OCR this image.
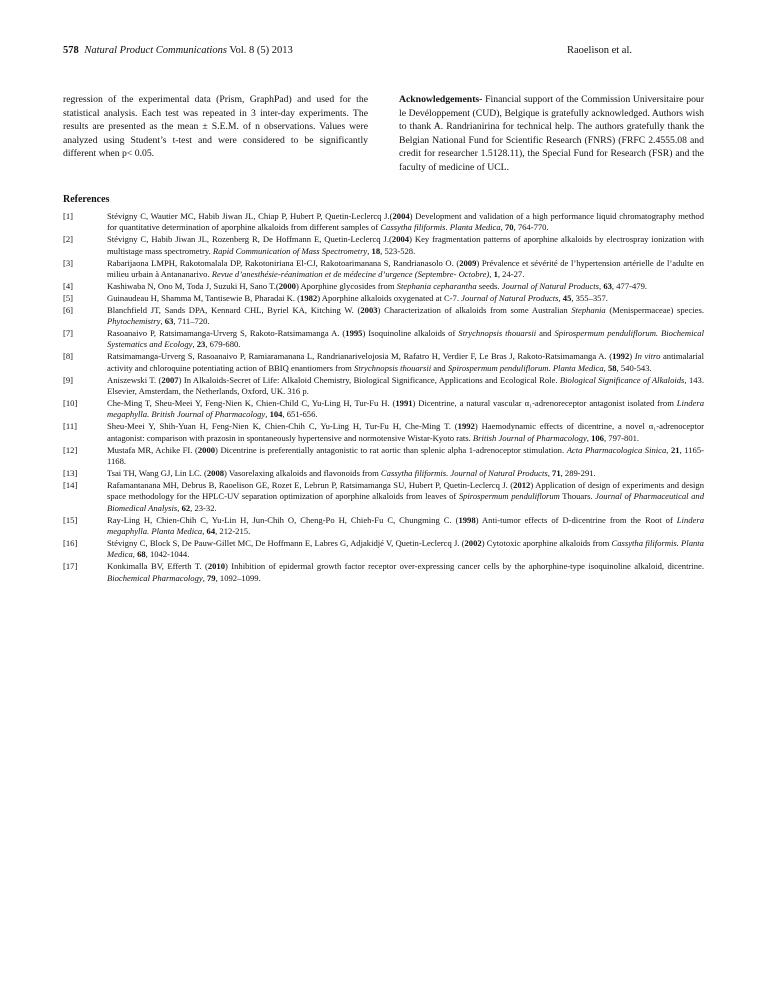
578 Natural Product Communications Vol. 8 (5) 2013	Raoelison et al.
regression of the experimental data (Prism, GraphPad) and used for the statistical analysis. Each test was repeated in 3 inter-day experiments. The results are presented as the mean ± S.E.M. of n observations. Values were analyzed using Student’s t-test and were considered to be significantly different when p< 0.05.
Acknowledgements- Financial support of the Commission Universitaire pour le Devéloppement (CUD), Belgique is gratefully acknowledged. Authors wish to thank A. Randrianirina for technical help. The authors gratefully thank the Belgian National Fund for Scientific Research (FNRS) (FRFC 2.4555.08 and credit for researcher 1.5128.11), the Special Fund for Research (FSR) and the faculty of medicine of UCL.
References
[1]	Stévigny C, Wautier MC, Habib Jiwan JL, Chiap P, Hubert P, Quetin-Leclercq J.(2004) Development and validation of a high performance liquid chromatography method for quantitative determination of aporphine alkaloids from different samples of Cassytha filiformis. Planta Medica, 70, 764-770.
[2]	Stévigny C, Habib Jiwan JL, Rozenberg R, De Hoffmann E, Quetin-Leclercq J.(2004) Key fragmentation patterns of aporphine alkaloids by electrospray ionization with multistage mass spectrometry. Rapid Communication of Mass Spectrometry, 18, 523-528.
[3]	Rabarijaona LMPH, Rakotomalala DP, Rakotoniriana El-CJ, Rakotoarimanana S, Randrianasolo O. (2009) Prévalence et sévérité de l’hypertension artérielle de l’adulte en milieu urbain à Antananarivo. Revue d’anesthésie-réanimation et de médecine d’urgence (Septembre- Octobre), 1, 24-27.
[4]	Kashiwaba N, Ono M, Toda J, Suzuki H, Sano T.(2000) Aporphine glycosides from Stephania cepharantha seeds. Journal of Natural Products, 63, 477-479.
[5]	Guinaudeau H, Shamma M, Tantisewie B, Pharadai K. (1982) Aporphine alkaloids oxygenated at C-7. Journal of Natural Products, 45, 355–357.
[6]	Blanchfield JT, Sands DPA, Kennard CHL, Byriel KA, Kitching W. (2003) Characterization of alkaloids from some Australian Stephania (Menispermaceae) species. Phytochemistry, 63, 711–720.
[7]	Rasoanaivo P, Ratsimamanga-Urverg S, Rakoto-Ratsimamanga A. (1995) Isoquinoline alkaloids of Strychnopsis thouarsii and Spirospermum penduliflorum. Biochemical Systematics and Ecology, 23, 679-680.
[8]	Ratsimamanga-Urverg S, Rasoanaivo P, Ramiaramanana L, Randrianarivelojosia M, Rafatro H, Verdier F, Le Bras J, Rakoto-Ratsimamanga A. (1992) In vitro antimalarial activity and chloroquine potentiating action of BBIQ enantiomers from Strychnopsis thouarsii and Spirospermum penduliflorum. Planta Medica, 58, 540-543.
[9]	Aniszewski T. (2007) In Alkaloids-Secret of Life: Alkaloid Chemistry, Biological Significance, Applications and Ecological Role. Biological Significance of Alkaloids, 143. Elsevier, Amsterdam, the Netherlands, Oxford, UK. 316 p.
[10]	Che-Ming T, Sheu-Meei Y, Feng-Nien K, Chien-Child C, Yu-Ling H, Tur-Fu H. (1991) Dicentrine, a natural vascular α₁-adrenoreceptor antagonist isolated from Lindera megaphylla. British Journal of Pharmacology, 104, 651-656.
[11]	Sheu-Meei Y, Shih-Yuan H, Feng-Nien K, Chien-Chih C, Yu-Ling H, Tur-Fu H, Che-Ming T. (1992) Haemodynamic effects of dicentrine, a novel α₁-adrenoceptor antagonist: comparison with prazosin in spontaneously hypertensive and normotensive Wistar-Kyoto rats. British Journal of Pharmacology, 106, 797-801.
[12]	Mustafa MR, Achike FI. (2000) Dicentrine is preferentially antagonistic to rat aortic than splenic alpha 1-adrenoceptor stimulation. Acta Pharmacologica Sinica, 21, 1165-1168.
[13]	Tsai TH, Wang GJ, Lin LC. (2008) Vasorelaxing alkaloids and flavonoids from Cassytha filiformis. Journal of Natural Products, 71, 289-291.
[14]	Rafamantanana MH, Debrus B, Raoelison GE, Rozet E, Lebrun P, Ratsimamanga SU, Hubert P, Quetin-Leclercq J. (2012) Application of design of experiments and design space methodology for the HPLC-UV separation optimization of aporphine alkaloids from leaves of Spirospermum penduliflorum Thouars. Journal of Pharmaceutical and Biomedical Analysis, 62, 23-32.
[15]	Ray-Ling H, Chien-Chih C, Yu-Lin H, Jun-Chih O, Cheng-Po H, Chieh-Fu C, Chungming C. (1998) Anti-tumor effects of D-dicentrine from the Root of Lindera megaphylla. Planta Medica, 64, 212-215.
[16]	Stévigny C, Block S, De Pauw-Gillet MC, De Hoffmann E, Labres G, Adjakidjé V, Quetin-Leclercq J. (2002) Cytotoxic aporphine alkaloids from Cassytha filiformis. Planta Medica, 68, 1042-1044.
[17]	Konkimalla BV, Efferth T. (2010) Inhibition of epidermal growth factor receptor over-expressing cancer cells by the aphorphine-type isoquinoline alkaloid, dicentrine. Biochemical Pharmacology, 79, 1092–1099.
